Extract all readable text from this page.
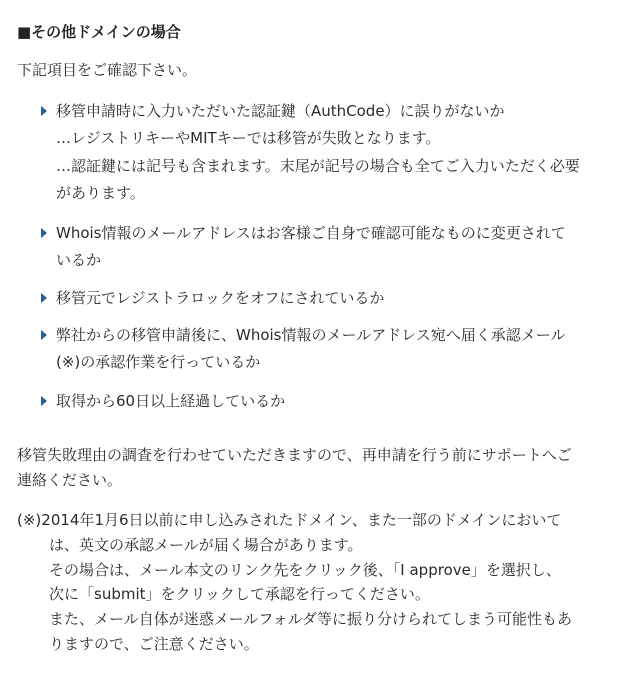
■その他ドメインの場合
下記項目をご確認下さい。
移管申請時に入力いただいた認証鍵（AuthCode）に誤りがないか
…レジストリキーやMITキーでは移管が失敗となります。
…認証鍵には記号も含まれます。末尾が記号の場合も全てご入力いただく必要
があります。
Whois情報のメールアドレスはお客様ご自身で確認可能なものに変更されて
いるか
移管元でレジストラロックをオフにされているか
弊社からの移管申請後に、Whois情報のメールアドレス宛へ届く承認メール
(※)の承認作業を行っているか
取得から60日以上経過しているか
移管失敗理由の調査を行わせていただきますので、再申請を行う前にサポートへご
連絡ください。
(※)2014年1月6日以前に申し込みされたドメイン、また一部のドメインにおいて
は、英文の承認メールが届く場合があります。
その場合は、メール本文のリンク先をクリック後、「I approve」を選択し、
次に「submit」をクリックして承認を行ってください。
また、メール自体が迷惑メールフォルダ等に振り分けられてしまう可能性もあ
りますので、ご注意ください。
